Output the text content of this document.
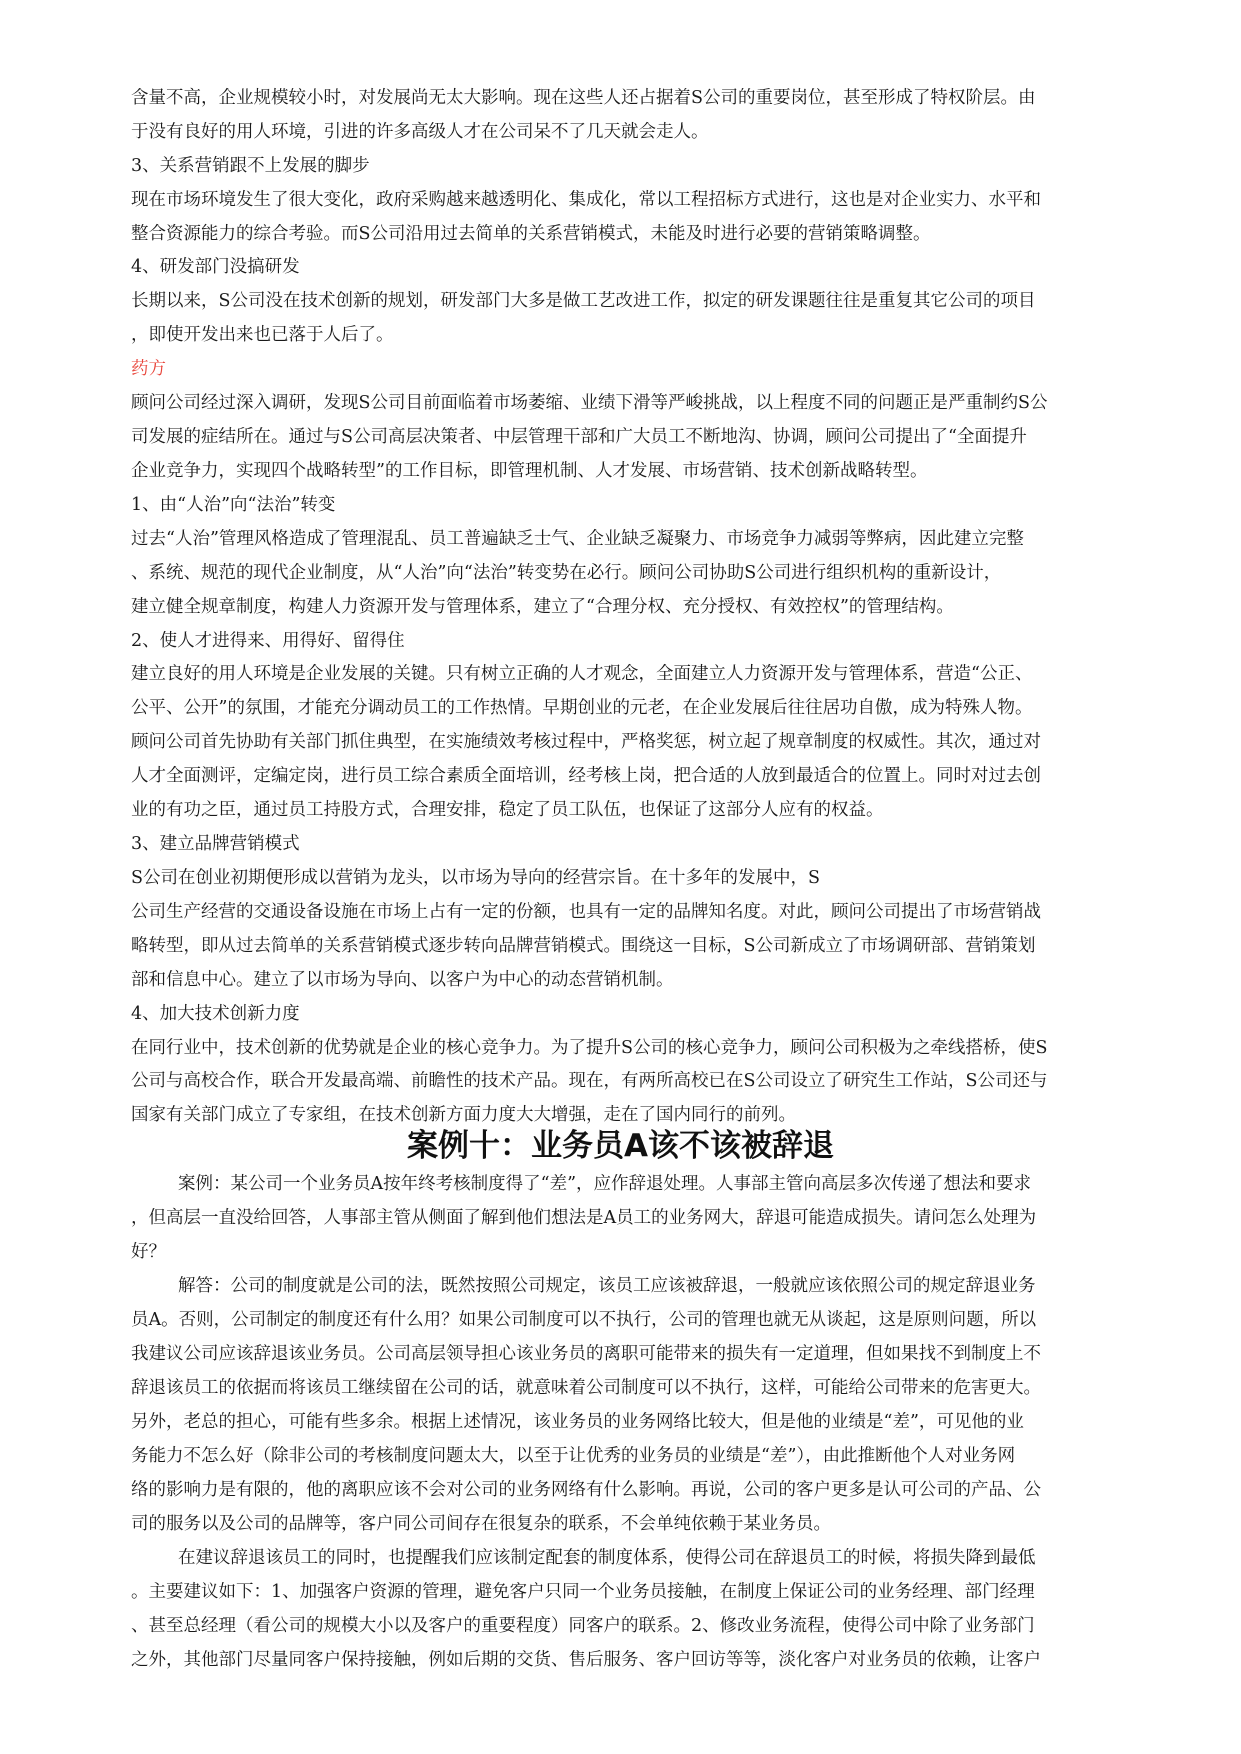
含量不高，企业规模较小时，对发展尚无太大影响。现在这些人还占据着S公司的重要岗位，甚至形成了特权阶层。由

于没有良好的用人环境，引进的许多高级人才在公司呆不了几天就会走人。

3、关系营销跟不上发展的脚步

现在市场环境发生了很大变化，政府采购越来越透明化、集成化，常以工程招标方式进行，这也是对企业实力、水平和

整合资源能力的综合考验。而S公司沿用过去简单的关系营销模式，未能及时进行必要的营销策略调整。

4、研发部门没搞研发

长期以来，S公司没在技术创新的规划，研发部门大多是做工艺改进工作，拟定的研发课题往往是重复其它公司的项目

，即使开发出来也已落于人后了。

药方

顾问公司经过深入调研，发现S公司目前面临着市场萎缩、业绩下滑等严峻挑战，以上程度不同的问题正是严重制约S公

司发展的症结所在。通过与S公司高层决策者、中层管理干部和广大员工不断地沟、协调，顾问公司提出了“全面提升

企业竞争力，实现四个战略转型”的工作目标，即管理机制、人才发展、市场营销、技术创新战略转型。

1、由“人治”向“法治”转变

过去“人治”管理风格造成了管理混乱、员工普遍缺乏士气、企业缺乏凝聚力、市场竞争力减弱等弊病，因此建立完整

、系统、规范的现代企业制度，从“人治”向“法治”转变势在必行。顾问公司协助S公司进行组织机构的重新设计，

建立健全规章制度，构建人力资源开发与管理体系，建立了“合理分权、充分授权、有效控权”的管理结构。

2、使人才进得来、用得好、留得住

建立良好的用人环境是企业发展的关键。只有树立正确的人才观念，全面建立人力资源开发与管理体系，营造“公正、

公平、公开”的氛围，才能充分调动员工的工作热情。早期创业的元老，在企业发展后往往居功自傲，成为特殊人物。

顾问公司首先协助有关部门抓住典型，在实施绩效考核过程中，严格奖惩，树立起了规章制度的权威性。其次，通过对

人才全面测评，定编定岗，进行员工综合素质全面培训，经考核上岗，把合适的人放到最适合的位置上。同时对过去创

业的有功之臣，通过员工持股方式，合理安排，稳定了员工队伍，也保证了这部分人应有的权益。

3、建立品牌营销模式

S公司在创业初期便形成以营销为龙头，以市场为导向的经营宗旨。在十多年的发展中，S

公司生产经营的交通设备设施在市场上占有一定的份额，也具有一定的品牌知名度。对此，顾问公司提出了市场营销战

略转型，即从过去简单的关系营销模式逐步转向品牌营销模式。围绕这一目标，S公司新成立了市场调研部、营销策划

部和信息中心。建立了以市场为导向、以客户为中心的动态营销机制。

4、加大技术创新力度

在同行业中，技术创新的优势就是企业的核心竞争力。为了提升S公司的核心竞争力，顾问公司积极为之牵线搭桥，使S

公司与高校合作，联合开发最高端、前瞻性的技术产品。现在，有两所高校已在S公司设立了研究生工作站，S公司还与

国家有关部门成立了专家组，在技术创新方面力度大大增强，走在了国内同行的前列。

案例十：业务员A该不该被辞退

案例：某公司一个业务员A按年终考核制度得了“差”，应作辞退处理。人事部主管向高层多次传递了想法和要求

，但高层一直没给回答，人事部主管从侧面了解到他们想法是A员工的业务网大，辞退可能造成损失。请问怎么处理为

好？

解答：公司的制度就是公司的法，既然按照公司规定，该员工应该被辞退，一般就应该依照公司的规定辞退业务

员A。否则，公司制定的制度还有什么用？如果公司制度可以不执行，公司的管理也就无从谈起，这是原则问题，所以

我建议公司应该辞退该业务员。公司高层领导担心该业务员的离职可能带来的损失有一定道理，但如果找不到制度上不

辞退该员工的依据而将该员工继续留在公司的话，就意味着公司制度可以不执行，这样，可能给公司带来的危害更大。

另外，老总的担心，可能有些多余。根据上述情况，该业务员的业务网络比较大，但是他的业绩是“差”，可见他的业

务能力不怎么好（除非公司的考核制度问题太大，以至于让优秀的业务员的业绩是“差”），由此推断他个人对业务网

络的影响力是有限的，他的离职应该不会对公司的业务网络有什么影响。再说，公司的客户更多是认可公司的产品、公

司的服务以及公司的品牌等，客户同公司间存在很复杂的联系，不会单纯依赖于某业务员。

在建议辞退该员工的同时，也提醒我们应该制定配套的制度体系，使得公司在辞退员工的时候，将损失降到最低

。主要建议如下：1、加强客户资源的管理，避免客户只同一个业务员接触，在制度上保证公司的业务经理、部门经理

、甚至总经理（看公司的规模大小以及客户的重要程度）同客户的联系。2、修改业务流程，使得公司中除了业务部门

之外，其他部门尽量同客户保持接触，例如后期的交货、售后服务、客户回访等等，淡化客户对业务员的依赖，让客户
